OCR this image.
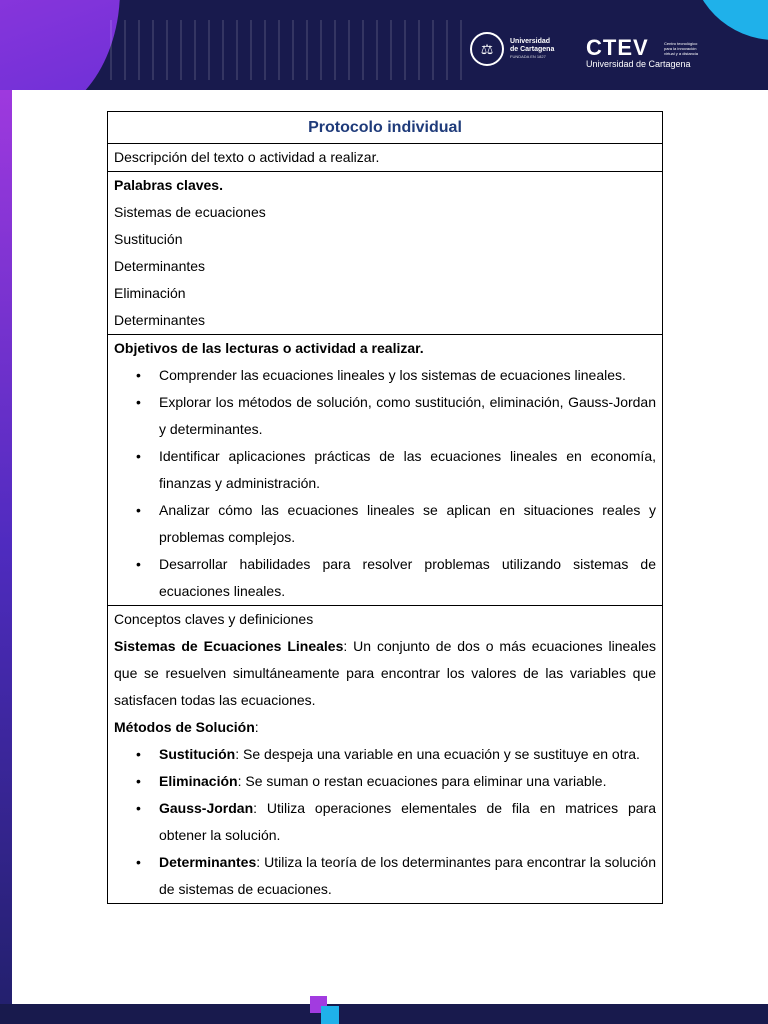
⚖	Universidad
de Cartagena
FUNDADA EN 1827	CTEV	Centro tecnológico para la innovación virtual y a distancia
Universidad de Cartagena
Protocolo individual
Descripción del texto o actividad a realizar.
Palabras claves.
Sistemas de ecuaciones
Sustitución
Determinantes
Eliminación
Determinantes
Objetivos de las lecturas o actividad a realizar.
• Comprender las ecuaciones lineales y los sistemas de ecuaciones lineales.
• Explorar los métodos de solución, como sustitución, eliminación, Gauss-Jordan y determinantes.
• Identificar aplicaciones prácticas de las ecuaciones lineales en economía, finanzas y administración.
• Analizar cómo las ecuaciones lineales se aplican en situaciones reales y problemas complejos.
• Desarrollar habilidades para resolver problemas utilizando sistemas de ecuaciones lineales.
Conceptos claves y definiciones
Sistemas de Ecuaciones Lineales: Un conjunto de dos o más ecuaciones lineales que se resuelven simultáneamente para encontrar los valores de las variables que satisfacen todas las ecuaciones.
Métodos de Solución:
• Sustitución: Se despeja una variable en una ecuación y se sustituye en otra.
• Eliminación: Se suman o restan ecuaciones para eliminar una variable.
• Gauss-Jordan: Utiliza operaciones elementales de fila en matrices para obtener la solución.
• Determinantes: Utiliza la teoría de los determinantes para encontrar la solución de sistemas de ecuaciones.
